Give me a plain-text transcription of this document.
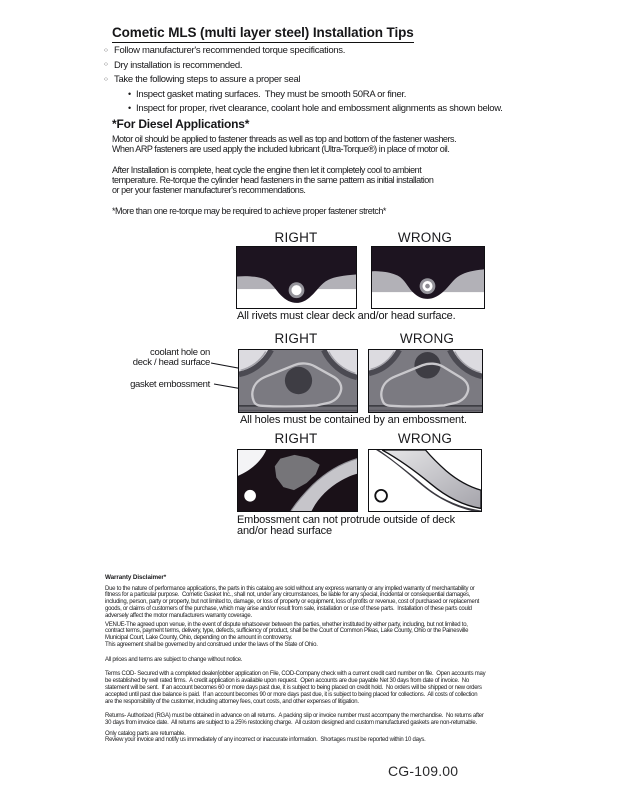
Cometic MLS (multi layer steel) Installation Tips
○ Follow manufacturer's recommended torque specifications.
○ Dry installation is recommended.
○ Take the following steps to assure a proper seal
• Inspect gasket mating surfaces.  They must be smooth 50RA or finer.
• Inspect for proper, rivet clearance, coolant hole and embossment alignments as shown below.
*For Diesel Applications*
Motor oil should be applied to fastener threads as well as top and bottom of the fastener washers.
When ARP fasteners are used apply the included lubricant (Ultra-Torque®) in place of motor oil.
After Installation is complete, heat cycle the engine then let it completely cool to ambient
temperature. Re-torque the cylinder head fasteners in the same pattern as initial installation
or per your fastener manufacturer's recommendations.
*More than one re-torque may be required to achieve proper fastener stretch*
RIGHT	WRONG
All rivets must clear deck and/or head surface.
RIGHT	WRONG
coolant hole on
deck / head surface
gasket embossment
All holes must be contained by an embossment.
RIGHT	WRONG
Embossment can not protrude outside of deck
and/or head surface
Warranty Disclaimer*
Due to the nature of performance applications, the parts in this catalog are sold without any express warranty or any implied warranty of merchantability or
fitness for a particular purpose.  Cometic Gasket Inc., shall not, under any circumstances, be liable for any special, incidental or consequential damages,
including, person, party or property, but not limited to, damage, or loss of property or equipment, loss of profits or revenue, cost of purchased or replacement
goods, or claims of customers of the purchase, which may arise and/or result from sale, installation or use of these parts.  Installation of these parts could
adversely affect the motor manufacturers warranty coverage.
VENUE-The agreed upon venue, in the event of dispute whatsoever between the parties, whether instituted by either party, including, but not limited to,
contract terms, payment terms, delivery, type, defects, sufficiency of product, shall be the Court of Common Pleas, Lake County, Ohio or the Painesville
Municipal Court, Lake County, Ohio, depending on the amount in controversy.
This agreement shall be governed by and construed under the laws of the State of Ohio.
All prices and terms are subject to change without notice.
Terms COD- Secured with a completed dealer/jobber application on File, COD-Company check with a current credit card number on file.  Open accounts may
be established by well rated firms.  A credit application is available upon request.  Open accounts are due payable Net 30 days from date of invoice.  No
statement will be sent.  If an account becomes 60 or more days past due, it is subject to being placed on credit hold.  No orders will be shipped or new orders
accepted until past due balance is paid.  If an account becomes 90 or more days past due, it is subject to being placed for collections.  All costs of collection
are the responsibility of the customer, including attorney fees, court costs, and other expenses of litigation.
Returns- Authorized (RGA) must be obtained in advance on all returns.  A packing slip or invoice number must accompany the merchandise.  No returns after
30 days from invoice date.  All returns are subject to a 25% restocking charge.  All custom designed and custom manufactured gaskets are non-returnable.
Only catalog parts are returnable.
Review your invoice and notify us immediately of any incorrect or inaccurate information.  Shortages must be reported within 10 days.
CG-109.00
